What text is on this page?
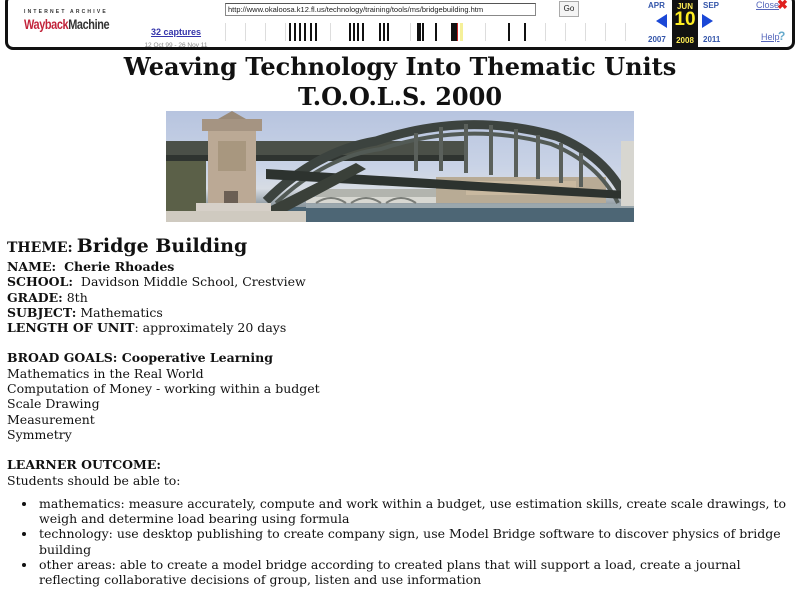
INTERNET ARCHIVE
WaybackMachine	32 captures
12 Oct 99 - 26 Nov 11
http://www.okaloosa.k12.fl.us/technology/training/tools/ms/bridgebuilding.htm	Go	APR	SEP
JUN
10
2008
2007	2011
Close
✖
Help
?
Weaving Technology Into Thematic Units
T.O.O.L.S. 2000

THEME: Bridge Building

NAME: Cherie Rhoades

SCHOOL: Davidson Middle School, Crestview

GRADE: 8th

SUBJECT: Mathematics

LENGTH OF UNIT: approximately 20 days

BROAD GOALS: Cooperative Learning

Mathematics in the Real World

Computation of Money - working within a budget

Scale Drawing

Measurement

Symmetry

LEARNER OUTCOME:

Students should be able to:

• mathematics: measure accurately, compute and work within a budget, use estimation skills, create scale drawings, to weigh and determine load bearing using formula
• technology: use desktop publishing to create company sign, use Model Bridge software to discover physics of bridge building
• other areas: able to create a model bridge according to created plans that will support a load, create a journal reflecting collaborative decisions of group, listen and use information
